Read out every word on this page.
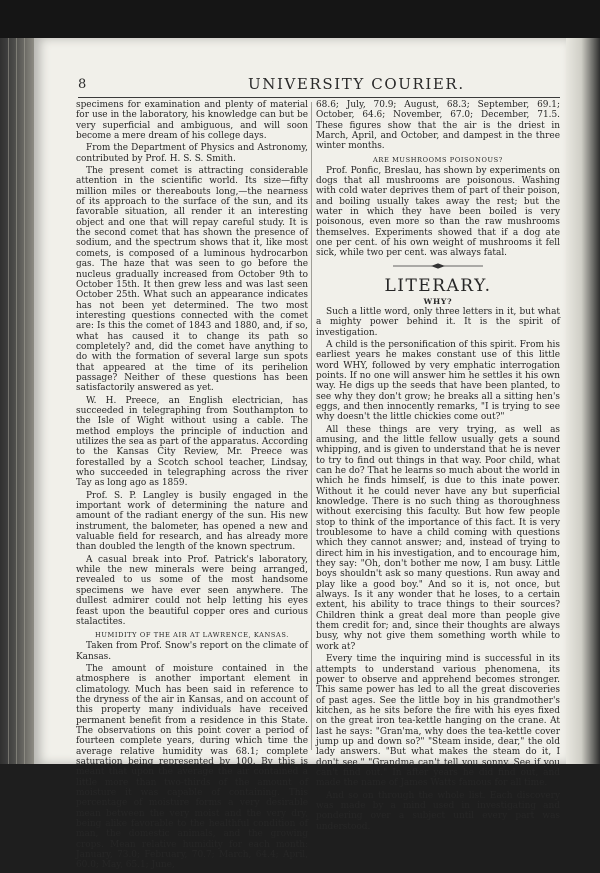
8	UNIVERSITY COURIER.

specimens for examination and plenty of material for use in the laboratory, his knowledge can but be very superficial and ambiguous, and will soon become a mere dream of his college days.

From the Department of Physics and Astronomy, contributed by Prof. H. S. S. Smith.

The present comet is attracting considerable attention in the scientific world. Its size—fifty million miles or thereabouts long,—the nearness of its approach to the surface of the sun, and its favorable situation, all render it an interesting object and one that will repay careful study. It is the second comet that has shown the presence of sodium, and the spectrum shows that it, like most comets, is composed of a luminous hydrocarbon gas. The haze that was seen to go before the nucleus gradually increased from October 9th to October 15th. It then grew less and was last seen October 25th. What such an appearance indicates has not been yet determined. The two most interesting questions connected with the comet are: Is this the comet of 1843 and 1880, and, if so, what has caused it to change its path so completely? and, did the comet have anything to do with the formation of several large sun spots that appeared at the time of its perihelion passage? Neither of these questions has been satisfactorily answered as yet.

W. H. Preece, an English electrician, has succeeded in telegraphing from Southampton to the Isle of Wight without using a cable. The method employs the principle of induction and utilizes the sea as part of the apparatus. According to the Kansas City Review, Mr. Preece was forestalled by a Scotch school teacher, Lindsay, who succeeded in telegraphing across the river Tay as long ago as 1859.

Prof. S. P. Langley is busily engaged in the important work of determining the nature and amount of the radiant energy of the sun. His new instrument, the balometer, has opened a new and valuable field for research, and has already more than doubled the length of the known spectrum.

A casual break into Prof. Patrick's laboratory, while the new minerals were being arranged, revealed to us some of the most handsome specimens we have ever seen anywhere. The dullest admirer could not help letting his eyes feast upon the beautiful copper ores and curious stalactites.

HUMIDITY OF THE AIR AT LAWRENCE, KANSAS.

Taken from Prof. Snow's report on the climate of Kansas.

The amount of moisture contained in the atmosphere is another important element in climatology. Much has been said in reference to the dryness of the air in Kansas, and on account of this property many individuals have received permanent benefit from a residence in this State. The observations on this point cover a period of fourteen complete years, during which time the average relative humidity was 68.1; complete saturation being represented by 100. By this is meant that upon the average the air contained a little more than two-thirds of the amount of moisture it was capable of containing. This percentage of moisture forms a very desirable mean between the very moist and the very dry, being alike favorable to the healthful condition of man, the domestic animals, and the growing crops. Mean relative humidity for each month: January, 73.0; February, 70.7; March, 64.4; April, 60.0; May, 65.1; June,

68.6; July, 70.9; August, 68.3; September, 69.1; October, 64.6; November, 67.0; December, 71.5. These figures show that the air is the driest in March, April, and October, and dampest in the three winter months.

ARE MUSHROOMS POISONOUS?

Prof. Ponfic, Breslau, has shown by experiments on dogs that all mushrooms are poisonous. Washing with cold water deprives them of part of their poison, and boiling usually takes away the rest; but the water in which they have been boiled is very poisonous, even more so than the raw mushrooms themselves. Experiments showed that if a dog ate one per cent. of his own weight of mushrooms it fell sick, while two per cent. was always fatal.

LITERARY.
WHY?

Such a little word, only three letters in it, but what a mighty power behind it. It is the spirit of investigation.

A child is the personification of this spirit. From his earliest years he makes constant use of this little word WHY, followed by very emphatic interrogation points. If no one will answer him he settles it his own way. He digs up the seeds that have been planted, to see why they don't grow; he breaks all a sitting hen's eggs, and then innocently remarks, "I is trying to see why doesn't the little chickies come out?"

All these things are very trying, as well as amusing, and the little fellow usually gets a sound whipping, and is given to understand that he is never to try to find out things in that way. Poor child, what can he do? That he learns so much about the world in which he finds himself, is due to this inate power. Without it he could never have any but superficial knowledge. There is no such thing as thoroughness without exercising this faculty. But how few people stop to think of the importance of this fact. It is very troublesome to have a child coming with questions which they cannot answer; and, instead of trying to direct him in his investigation, and to encourage him, they say: "Oh, don't bother me now, I am busy. Little boys shouldn't ask so many questions. Run away and play like a good boy." And so it is, not once, but always. Is it any wonder that he loses, to a certain extent, his ability to trace things to their sources? Children think a great deal more than people give them credit for; and, since their thoughts are always busy, why not give them something worth while to work at?

Every time the inquiring mind is successful in its attempts to understand various phenomena, its power to observe and apprehend becomes stronger. This same power has led to all the great discoveries of past ages. See the little boy in his grandmother's kitchen, as he sits before the fire with his eyes fixed on the great iron tea-kettle hanging on the crane. At last he says: "Gran'ma, why does the tea-kettle cover jump up and down so?" "Steam inside, dear," the old lady answers. "But what makes the steam do it, I don't see." "Grandma can't tell you sonny. See if you can't find out." In after years he did find out, and made the name of James Watts famous for all time.

And so on through the whole list. Each discovery was made by a mind used in investigating and pondering over a subject until every part was understood.
